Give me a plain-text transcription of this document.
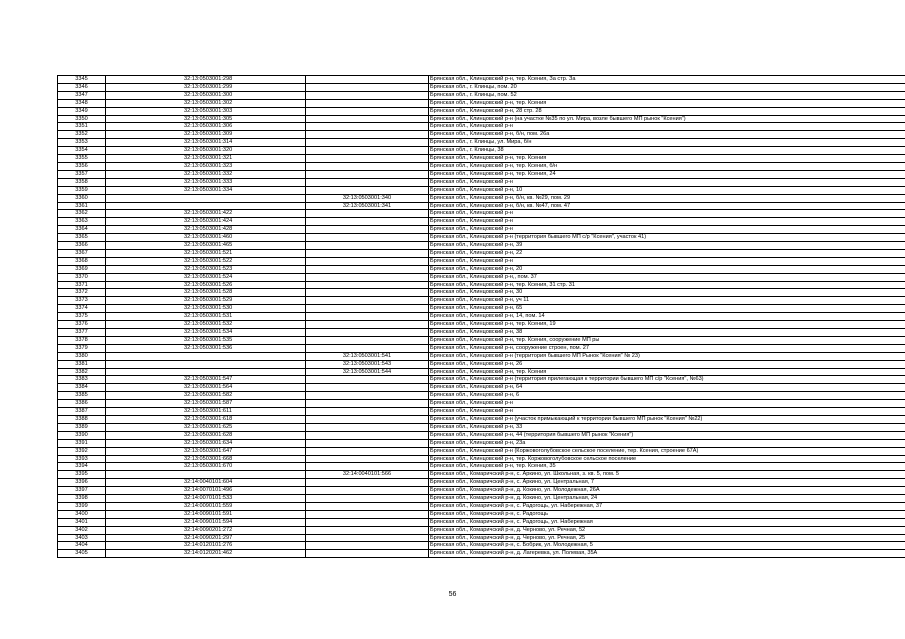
3345	32:13:0503001:298		Брянская обл., Клинцовский р-н, тер. Ксения, За стр. За
3346	32:13:0503001:299		Брянская обл., г. Клинцы, пом. 20
3347	32:13:0503001:300		Брянская обл., г. Клинцы, пом. 52
3348	32:13:0503001:302		Брянская обл., Клинцовский р-н, тер. Ксения
3349	32:13:0503001:303		Брянская обл., Клинцовский р-н, 28 стр. 28
3350	32:13:0503001:305		Брянская обл., Клинцовский р-н (на участке №35 по ул. Мира, возле бывшего МП рынок "Ксения")
3351	32:13:0503001:306		Брянская обл., Клинцовский р-н
3352	32:13:0503001:309		Брянская обл., Клинцовский р-н, б/н, пом. 26а
3353	32:13:0503001:314		Брянская обл., г. Клинцы, ул. Мира, б/н
3354	32:13:0503001:320		Брянская обл., г. Клинцы, 38
3355	32:13:0503001:321		Брянская обл., Клинцовский р-н, тер. Ксения
3356	32:13:0503001:323		Брянская обл., Клинцовский р-н, тер. Ксения, б/н
3357	32:13:0503001:332		Брянская обл., Клинцовский р-н, тер. Ксения, 24
3358	32:13:0503001:333		Брянская обл., Клинцовский р-н
3359	32:13:0503001:334		Брянская обл., Клинцовский р-н, 10
3360		32:13:0503001:340	Брянская обл., Клинцовский р-н, б/н, кв. №29, пом. 29
3361		32:13:0503001:341	Брянская обл., Клинцовский р-н, б/н, кв. №47, пом. 47
3362	32:13:0503001:422		Брянская обл., Клинцовский р-н
3363	32:13:0503001:424		Брянская обл., Клинцовский р-н
3364	32:13:0503001:428		Брянская обл., Клинцовский р-н
3365	32:13:0503001:460		Брянская обл., Клинцовский р-н (территория бывшего МП с/р "Ксения", участок 41)
3366	32:13:0503001:465		Брянская обл., Клинцовский р-н, 39
3367	32:13:0503001:521		Брянская обл., Клинцовский р-н, 22
3368	32:13:0503001:522		Брянская обл., Клинцовский р-н
3369	32:13:0503001:523		Брянская обл., Клинцовский р-н, 20
3370	32:13:0503001:524		Брянская обл., Клинцовский р-н,, пом. 37
3371	32:13:0503001:526		Брянская обл., Клинцовский р-н, тер. Ксения, 31 стр. 31
3372	32:13:0503001:528		Брянская обл., Клинцовский р-н, 30
3373	32:13:0503001:529		Брянская обл., Клинцовский р-н, уч 11
3374	32:13:0503001:530		Брянская обл., Клинцовский р-н, 65
3375	32:13:0503001:531		Брянская обл., Клинцовский р-н, 14, пом. 14
3376	32:13:0503001:532		Брянская обл., Клинцовский р-н, тер. Ксения, 19
3377	32:13:0503001:534		Брянская обл., Клинцовский р-н, 38
3378	32:13:0503001:535		Брянская обл., Клинцовский р-н, тер. Ксения, сооружение МП ры
3379	32:13:0503001:536		Брянская обл., Клинцовский р-н, сооружение строен, пом. 27
3380		32:13:0503001:541	Брянская обл., Клинцовский р-н (территория бывшего МП Рынок "Ксения" № 23)
3381		32:13:0503001:543	Брянская обл., Клинцовский р-н, 26
3382		32:13:0503001:544	Брянская обл., Клинцовский р-н, тер. Ксения
3383	32:13:0503001:547		Брянская обл., Клинцовский р-н (территория прилегающая к территории бывшего МП с/р "Ксения", №63)
3384	32:13:0503001:564		Брянская обл., Клинцовский р-н, 64
3385	32:13:0503001:582		Брянская обл., Клинцовский р-н, 6
3386	32:13:0503001:587		Брянская обл., Клинцовский р-н
3387	32:13:0503001:611		Брянская обл., Клинцовский р-н
3388	32:13:0503001:618		Брянская обл., Клинцовский р-н (участок примыкающий к территории бывшего МП рынок "Ксения" №22)
3389	32:13:0503001:625		Брянская обл., Клинцовский р-н, 33
3390	32:13:0503001:628		Брянская обл., Клинцовский р-н, 44 (территория бывшего МП рынок "Ксения")
3391	32:13:0503001:634		Брянская обл., Клинцовский р-н, 23а
3392	32:13:0503001:647		Брянская обл., Клинцовский р-н (Коржовоголубовское сельское поселение, тер. Ксения, строение 67А)
3393	32:13:0503001:668		Брянская обл., Клинцовский р-н, тер. Коржовоголубовское сельское поселение
3394	32:13:0503001:670		Брянская обл., Клинцовский р-н, тер. Ксения, 35
3395		32:14:0040101:566	Брянская обл., Комаричский р-н, с. Аркино, ул. Школьная, з. кв. 5, пом. 5
3396	32:14:0040101:604		Брянская обл., Комаричский р-н, с. Аркино, ул. Центральная, 7
3397	32:14:0070101:496		Брянская обл., Комаричский р-н, д. Кокино, ул. Молодежная, 26А
3398	32:14:0070101:533		Брянская обл., Комаричский р-н, д. Кокино, ул. Центральная, 24
3399	32:14:0090101:559		Брянская обл., Комаричский р-н, с. Радогощь, ул. Набережная, 37
3400	32:14:0090101:591		Брянская обл., Комаричский р-н, с. Радогощь
3401	32:14:0090101:594		Брянская обл., Комаричский р-н, с. Радогощь, ул. Набережная
3402	32:14:0090201:272		Брянская обл., Комаричский р-н, д. Черново, ул. Речная, 52
3403	32:14:0090201:297		Брянская обл., Комаричский р-н, д. Черново, ул. Речная, 25
3404	32:14:0120101:276		Брянская обл., Комаричский р-н, с. Бобрик, ул. Молодежная, 5
3405	32:14:0120201:462		Брянская обл., Комаричский р-н, д. Лагеревка, ул. Полевая, 35А
56
